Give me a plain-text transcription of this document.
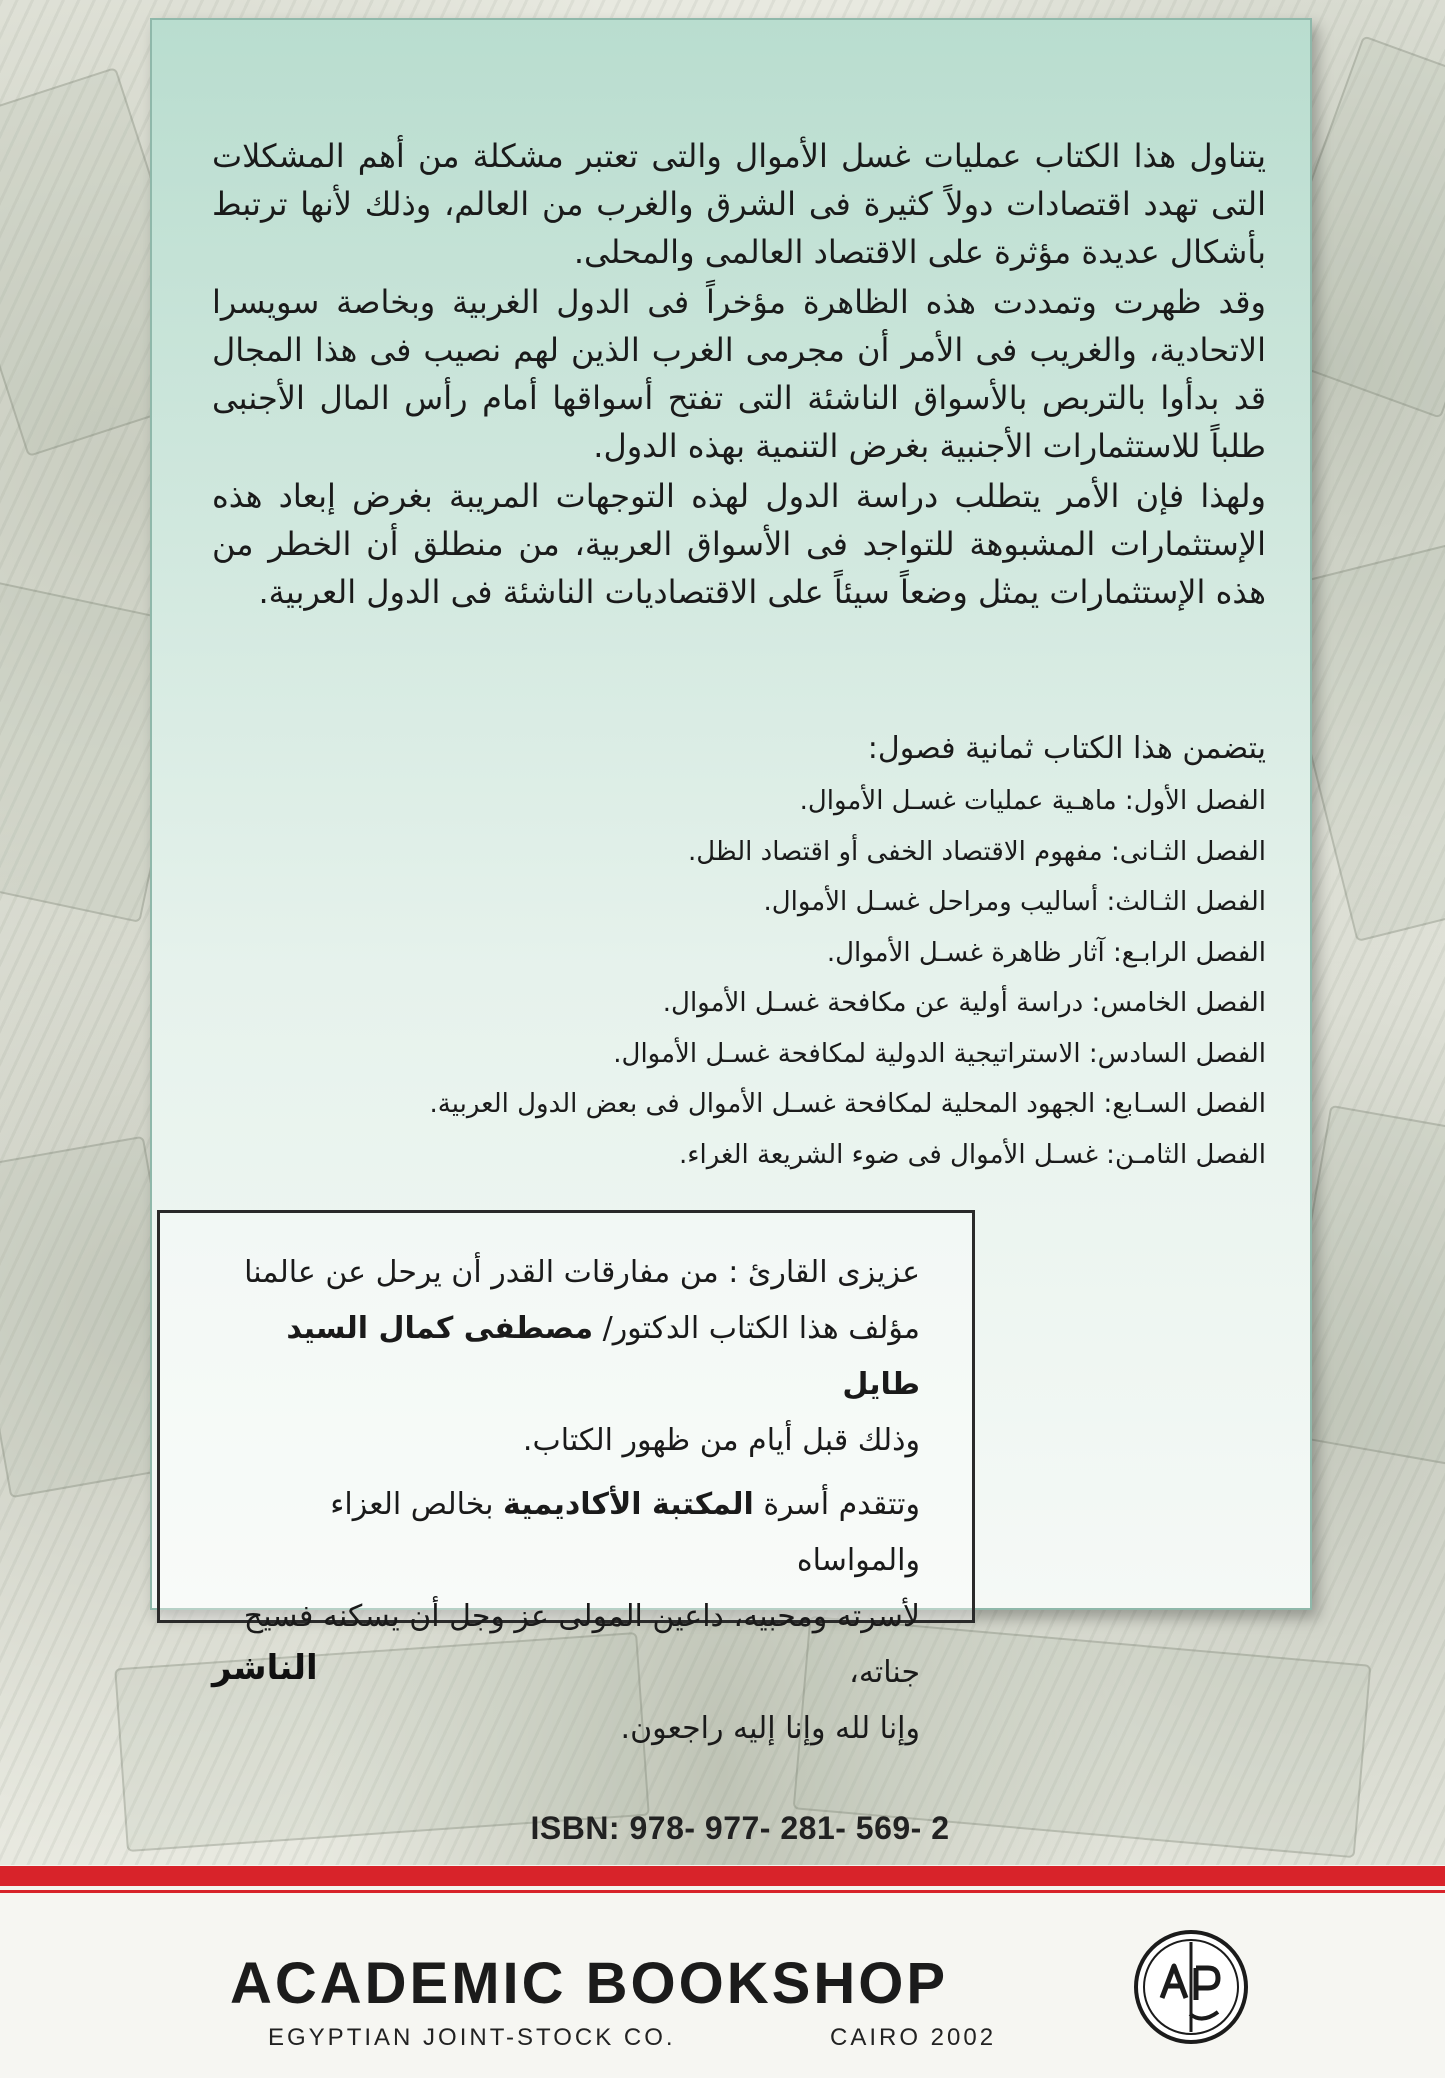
يتناول هذا الكتاب عمليات غسل الأموال والتى تعتبر مشكلة من أهم المشكلات التى تهدد اقتصادات دولاً كثيرة فى الشرق والغرب من العالم، وذلك لأنها ترتبط بأشكال عديدة مؤثرة على الاقتصاد العالمى والمحلى.

وقد ظهرت وتمددت هذه الظاهرة مؤخراً فى الدول الغربية وبخاصة سويسرا الاتحادية، والغريب فى الأمر أن مجرمى الغرب الذين لهم نصيب فى هذا المجال قد بدأوا بالتربص بالأسواق الناشئة التى تفتح أسواقها أمام رأس المال الأجنبى طلباً للاستثمارات الأجنبية بغرض التنمية بهذه الدول.

ولهذا فإن الأمر يتطلب دراسة الدول لهذه التوجهات المريبة بغرض إبعاد هذه الإستثمارات المشبوهة للتواجد فى الأسواق العربية، من منطلق أن الخطر من هذه الإستثمارات يمثل وضعاً سيئاً على الاقتصاديات الناشئة فى الدول العربية.

يتضمن هذا الكتاب ثمانية فصول:
الفصل الأول: ماهـية عمليات غسـل الأموال.
الفصل الثـانى: مفهوم الاقتصاد الخفى أو اقتصاد الظل.
الفصل الثـالث: أساليب ومراحل غسـل الأموال.
الفصل الرابـع: آثار ظاهرة غسـل الأموال.
الفصل الخامس: دراسة أولية عن مكافحة غسـل الأموال.
الفصل السادس: الاستراتيجية الدولية لمكافحة غسـل الأموال.
الفصل السـابع: الجهود المحلية لمكافحة غسـل الأموال فى بعض الدول العربية.
الفصل الثامـن: غسـل الأموال فى ضوء الشريعة الغراء.

عزيزى القارئ : من مفارقات القدر أن يرحل عن عالمنا

مؤلف هذا الكتاب الدكتور/ مصطفى كمال السيد طايل

وذلك قبل أيام من ظهور الكتاب.

وتتقدم أسرة المكتبة الأكاديمية بخالص العزاء والمواساه

لأسرته ومحبيه، داعين المولى عز وجل أن يسكنه فسيح جناته،

وإنا لله وإنا إليه راجعون.

الناشر
ISBN: 978- 977- 281- 569- 2
ACADEMIC BOOKSHOP
EGYPTIAN JOINT-STOCK CO.	CAIRO 2002
